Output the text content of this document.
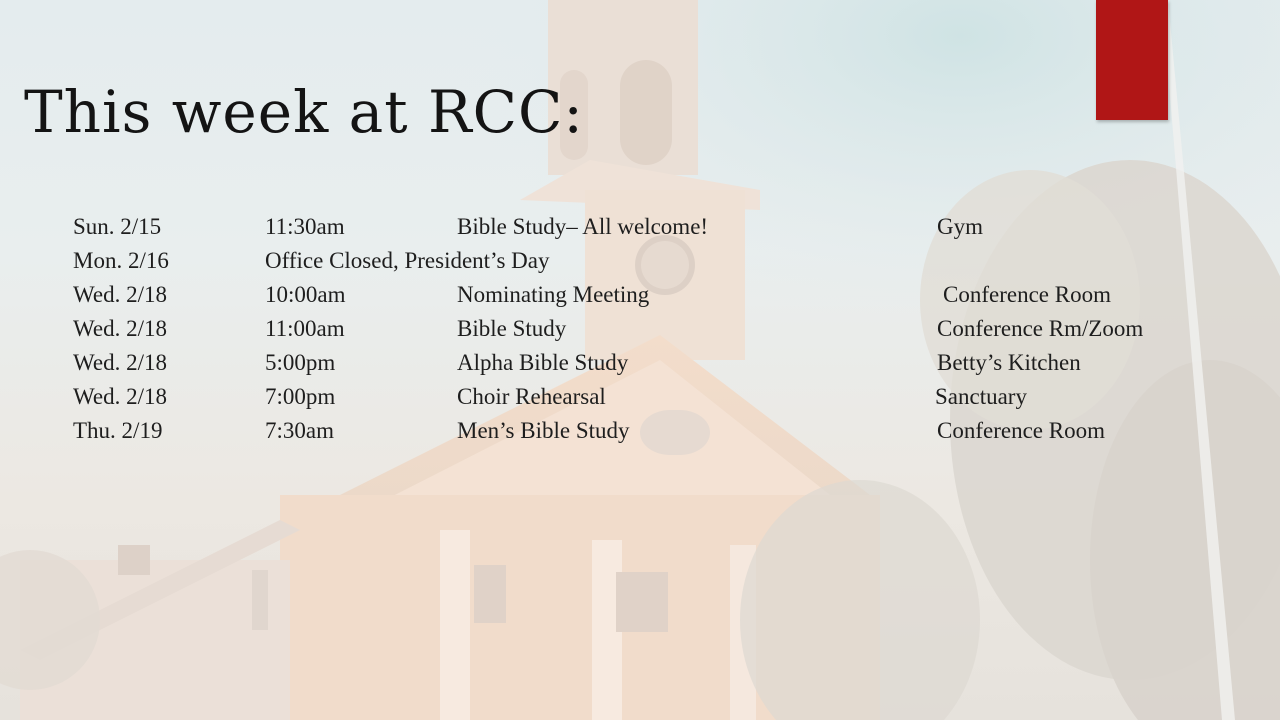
This week at RCC:
Sun. 2/15	11:30am	Bible Study– All welcome!	Gym
Mon. 2/16	Office Closed, President’s Day
Wed. 2/18	10:00am	Nominating Meeting	Conference Room
Wed. 2/18	11:00am	Bible Study	Conference Rm/Zoom
Wed. 2/18	5:00pm	Alpha Bible Study	Betty’s Kitchen
Wed. 2/18	7:00pm	Choir Rehearsal	Sanctuary
Thu. 2/19	7:30am	Men’s Bible Study	Conference Room
